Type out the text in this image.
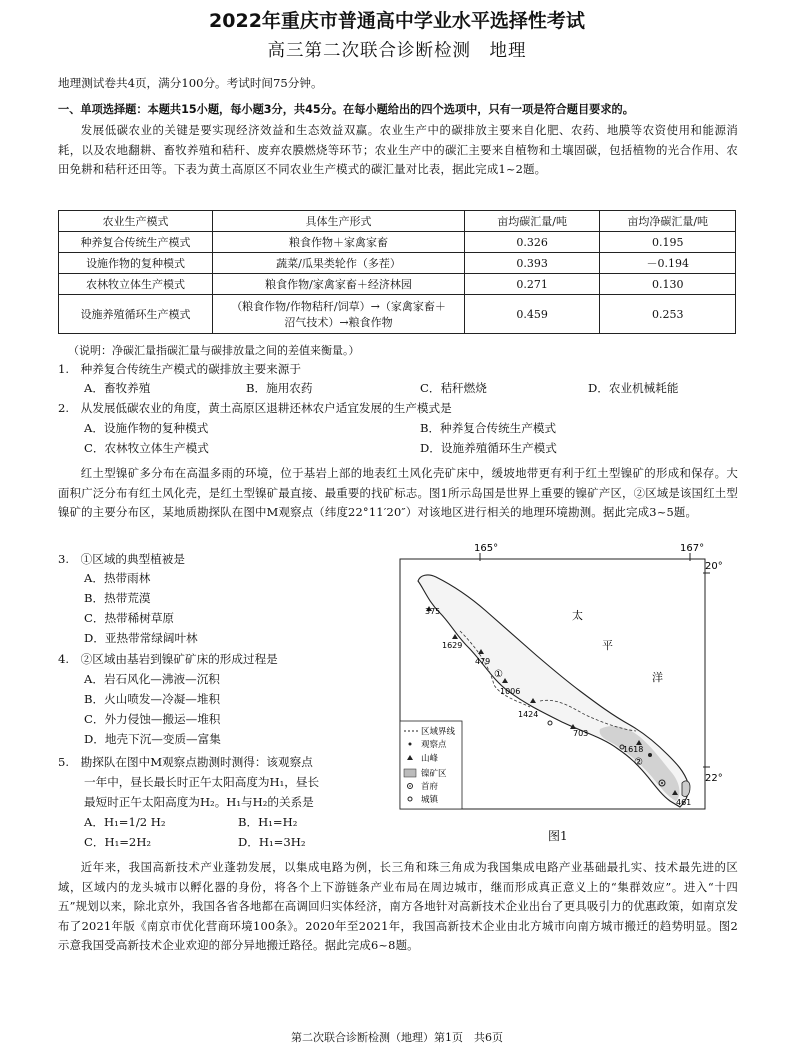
2022年重庆市普通高中学业水平选择性考试
高三第二次联合诊断检测　地理
地理测试卷共4页，满分100分。考试时间75分钟。
一、单项选择题：本题共15小题，每小题3分，共45分。在每小题给出的四个选项中，只有一项是符合题目要求的。
发展低碳农业的关键是要实现经济效益和生态效益双赢。农业生产中的碳排放主要来自化肥、农药、地膜等农资使用和能源消耗，以及农地翻耕、畜牧养殖和秸秆、废弃农膜燃烧等环节；农业生产中的碳汇主要来自植物和土壤固碳，包括植物的光合作用、农田免耕和秸秆还田等。下表为黄土高原区不同农业生产模式的碳汇量对比表，据此完成1~2题。
农业生产模式	具体生产形式	亩均碳汇量/吨	亩均净碳汇量/吨
种养复合传统生产模式	粮食作物＋家禽家畜	0.326	0.195
设施作物的复种模式	蔬菜/瓜果类轮作（多茬）	0.393	－0.194
农林牧立体生产模式	粮食作物/家禽家畜＋经济林园	0.271	0.130
设施养殖循环生产模式	（粮食作物/作物秸秆/饲草）→（家禽家畜＋沼气技术）→粮食作物	0.459	0.253
（说明：净碳汇量指碳汇量与碳排放量之间的差值来衡量。）
1.　种养复合传统生产模式的碳排放主要来源于
A．畜牧养殖	B．施用农药	C．秸秆燃烧	D．农业机械耗能
2.　从发展低碳农业的角度，黄土高原区退耕还林农户适宜发展的生产模式是
A．设施作物的复种模式	B．种养复合传统生产模式
C．农林牧立体生产模式	D．设施养殖循环生产模式
红土型镍矿多分布在高温多雨的环境，位于基岩上部的地表红土风化壳矿床中，缓坡地带更有利于红土型镍矿的形成和保存。大面积广泛分布有红土风化壳，是红土型镍矿最直接、最重要的找矿标志。图1所示岛国是世界上重要的镍矿产区，②区域是该国红土型镍矿的主要分布区，某地质勘探队在图中M观察点（纬度22°11′20″）对该地区进行相关的地理环境勘测。据此完成3~5题。
3.　①区域的典型植被是
A．热带雨林
B．热带荒漠
C．热带稀树草原
D．亚热带常绿阔叶林
4.　②区域由基岩到镍矿矿床的形成过程是
A．岩石风化—沸液—沉积
B．火山喷发—冷凝—堆积
C．外力侵蚀—搬运—堆积
D．地壳下沉—变质—富集
5.　勘探队在图中M观察点勘测时测得：该观察点
一年中，昼长最长时正午太阳高度为H₁，昼长
最短时正午太阳高度为H₂。H₁与H₂的关系是
A．H₁=1/2 H₂	B．H₁=H₂
C．H₁=2H₂	D．H₁=3H₂
165°	167°
20°
22°
太
平
洋
375
1629
479
1006
1424
703
1618
461
①
②
区域界线
观察点
山峰
镍矿区
首府
城镇
图1
近年来，我国高新技术产业蓬勃发展，以集成电路为例，长三角和珠三角成为我国集成电路产业基础最扎实、技术最先进的区域，区域内的龙头城市以孵化器的身份，将各个上下游链条产业布局在周边城市，继而形成真正意义上的“集群效应”。进入“十四五”规划以来，除北京外，我国各省各地都在高调回归实体经济，南方各地针对高新技术企业出台了更具吸引力的优惠政策，如南京发布了2021年版《南京市优化营商环境100条》。2020年至2021年，我国高新技术企业由北方城市向南方城市搬迁的趋势明显。图2示意我国受高新技术企业欢迎的部分异地搬迁路径。据此完成6~8题。
第二次联合诊断检测（地理）第1页　共6页
